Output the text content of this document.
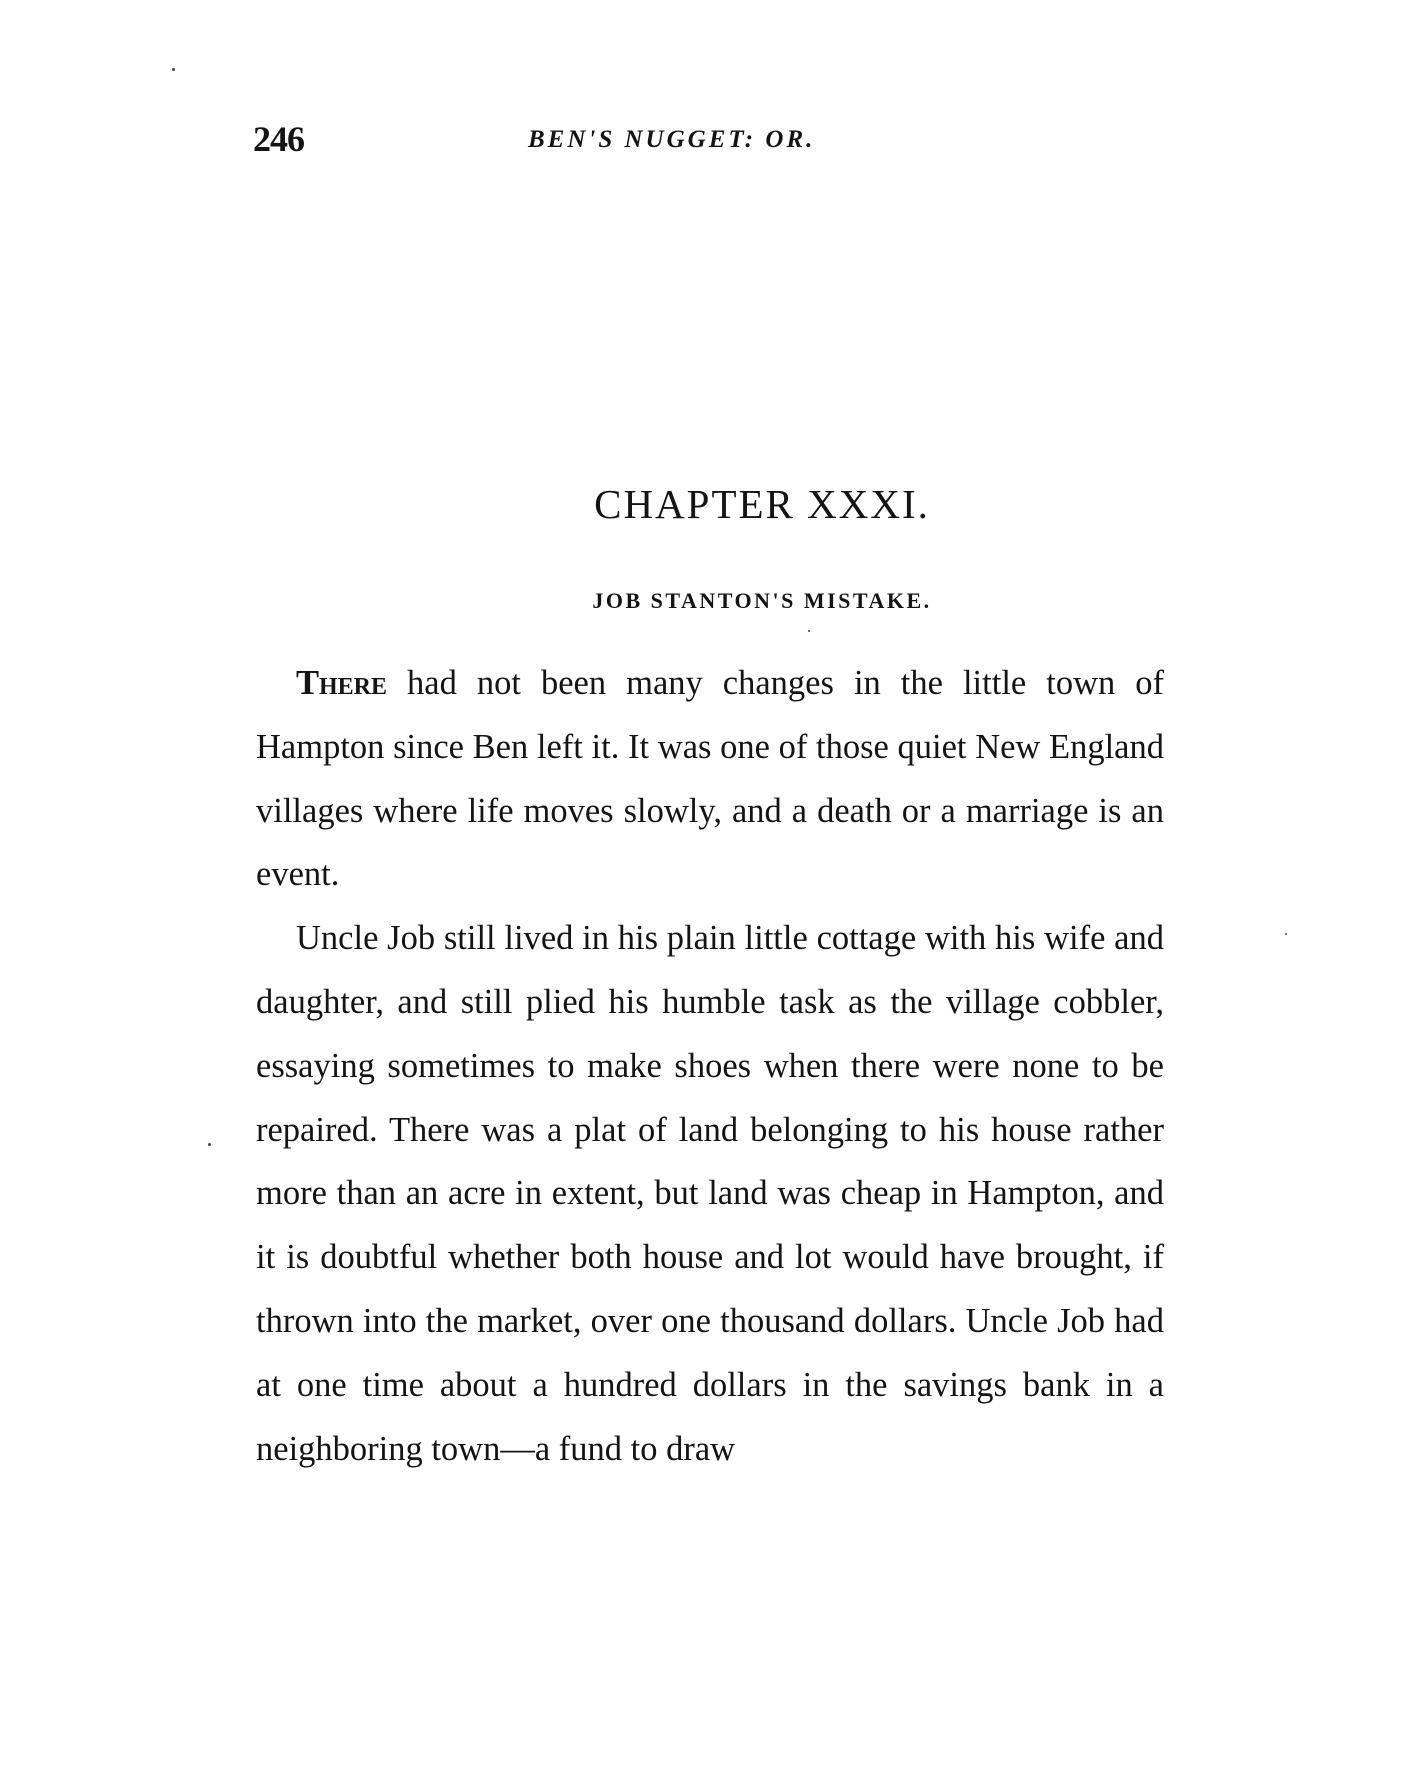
246	BEN'S NUGGET: OR.
CHAPTER XXXI.
JOB STANTON'S MISTAKE.

There had not been many changes in the little town of Hampton since Ben left it. It was one of those quiet New England villages where life moves slowly, and a death or a marriage is an event.

Uncle Job still lived in his plain little cottage with his wife and daughter, and still plied his humble task as the village cobbler, essaying sometimes to make shoes when there were none to be repaired. There was a plat of land belonging to his house rather more than an acre in extent, but land was cheap in Hampton, and it is doubtful whether both house and lot would have brought, if thrown into the market, over one thousand dollars. Uncle Job had at one time about a hundred dollars in the savings bank in a neighboring town—a fund to draw
